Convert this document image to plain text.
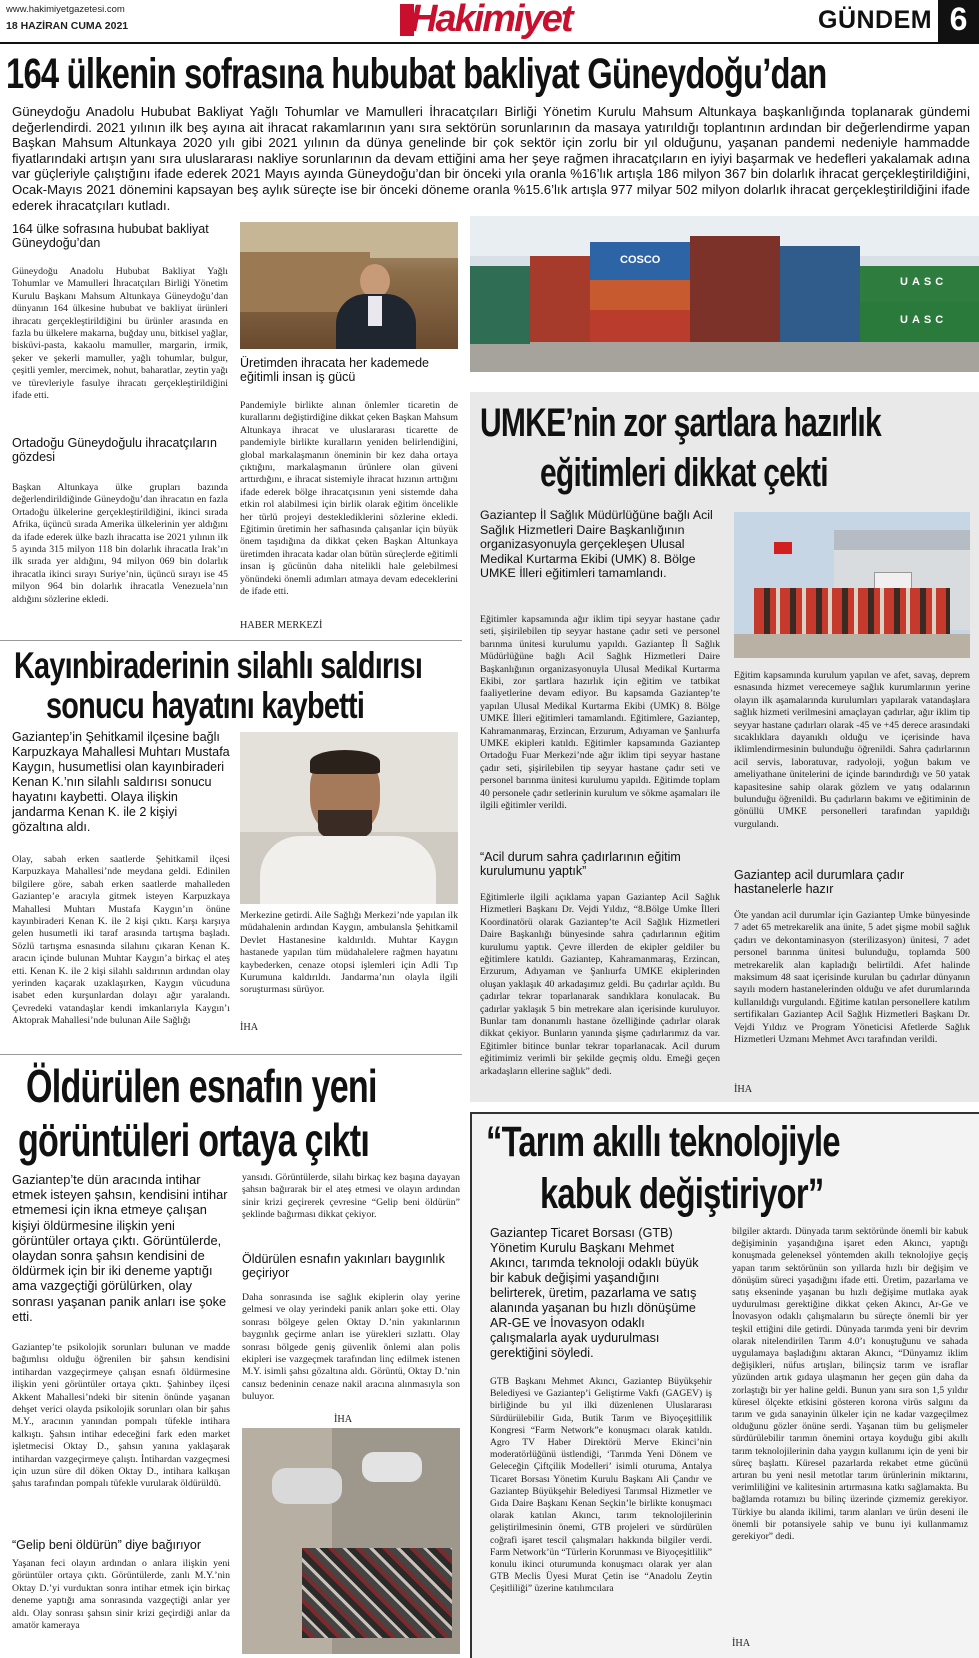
www.hakimiyetgazetesi.com
18 HAZİRAN CUMA 2021	Hakimiyet	GÜNDEM 6
164 ülkenin sofrasına hububat bakliyat Güneydoğu’dan
Güneydoğu Anadolu Hububat Bakliyat Yağlı Tohumlar ve Mamulleri İhracatçıları Birliği Yönetim Kurulu Mahsum Altunkaya başkanlığında toplanarak gündemi değerlendirdi. 2021 yılının ilk beş ayına ait ihracat rakamlarının yanı sıra sektörün sorunlarının da masaya yatırıldığı toplantının ardından bir değerlendirme yapan Başkan Mahsum Altunkaya 2020 yılı gibi 2021 yılının da dünya genelinde bir çok sektör için zorlu bir yıl olduğunu, yaşanan pandemi nedeniyle hammadde fiyatlarındaki artışın yanı sıra uluslararası nakliye sorunlarının da devam ettiğini ama her şeye rağmen ihracatçıların en iyiyi başarmak ve hedefleri yakalamak adına var güçleriyle çalıştığını ifade ederek 2021 Mayıs ayında Güneydoğu’dan bir önceki yıla oranla %16’lık artışla 186 milyon 367 bin dolarlık ihracat gerçekleştirildiğini, Ocak-Mayıs 2021 dönemini kapsayan beş aylık süreçte ise bir önceki döneme oranla %15.6’lık artışla 977 milyar 502 milyon dolarlık ihracat gerçekleştirildiğini ifade ederek ihracatçıları kutladı.
164 ülke sofrasına hububat bakliyat Güneydoğu’dan
Güneydoğu Anadolu Hububat Bakliyat Yağlı Tohumlar ve Mamulleri İhracatçıları Birliği Yönetim Kurulu Başkanı Mahsum Altunkaya Güneydoğu’dan dünyanın 164 ülkesine hububat ve bakliyat ürünleri ihracatı gerçekleştirildiğini bu ürünler arasında en fazla bu ülkelere makarna, buğday unu, bitkisel yağlar, bisküvi-pasta, kakaolu mamuller, margarin, irmik, şeker ve şekerli mamuller, yağlı tohumlar, bulgur, çeşitli yemler, mercimek, nohut, baharatlar, zeytin yağı ve türevleriyle fasulye ihracatı gerçekleştirildiğini ifade etti.
Ortadoğu Güneydoğulu ihracatçıların gözdesi
Başkan Altunkaya ülke grupları bazında değerlendirildiğinde Güneydoğu’dan ihracatın en fazla Ortadoğu ülkelerine gerçekleştirildiğini, ikinci sırada Afrika, üçüncü sırada Amerika ülkelerinin yer aldığını da ifade ederek ülke bazlı ihracatta ise 2021 yılının ilk 5 ayında 315 milyon 118 bin dolarlık ihracatla Irak’ın ilk sırada yer aldığını, 94 milyon 069 bin dolarlık ihracatla ikinci sırayı Suriye’nin, üçüncü sırayı ise 45 milyon 964 bin dolarlık ihracatla Venezuela’nın aldığını sözlerine ekledi.
Üretimden ihracata her kademede eğitimli insan iş gücü
Pandemiyle birlikte alınan önlemler ticaretin de kurallarını değiştirdiğine dikkat çeken Başkan Mahsum Altunkaya ihracat ve uluslararası ticarette de pandemiyle birlikte kuralların yeniden belirlendiğini, global markalaşmanın öneminin bir kez daha ortaya çıktığını, markalaşmanın ürünlere olan güveni arttırdığını, e ihracat sistemiyle ihracat hızının arttığını ifade ederek bölge ihracatçısının yeni sistemde daha etkin rol alabilmesi için birlik olarak eğitim öncelikle her türlü projeyi desteklediklerini sözlerine ekledi. Eğitimin üretimin her safhasında çalışanlar için büyük önem taşıdığına da dikkat çeken Başkan Altunkaya üretimden ihracata kadar olan bütün süreçlerde eğitimli insan iş gücünün daha nitelikli hale gelebilmesi yönündeki önemli adımları atmaya devam edeceklerini de ifade etti.
HABER MERKEZİ
COSCO
UASC
UASC
UMKE’nin zor şartlara hazırlık
eğitimleri dikkat çekti
Gaziantep İl Sağlık Müdürlüğüne bağlı Acil Sağlık Hizmetleri Daire Başkanlığının organizasyonuyla gerçekleşen Ulusal Medikal Kurtarma Ekibi (UMK) 8. Bölge UMKE İlleri eğitimleri tamamlandı.
Eğitimler kapsamında ağır iklim tipi seyyar hastane çadır seti, şişirilebilen tip seyyar hastane çadır seti ve personel barınma ünitesi kurulumu yapıldı. Gaziantep İl Sağlık Müdürlüğüne bağlı Acil Sağlık Hizmetleri Daire Başkanlığının organizasyonuyla Ulusal Medikal Kurtarma Ekibi, zor şartlara hazırlık için eğitim ve tatbikat faaliyetlerine devam ediyor. Bu kapsamda Gaziantep’te yapılan Ulusal Medikal Kurtarma Ekibi (UMK) 8. Bölge UMKE İlleri eğitimleri tamamlandı. Eğitimlere, Gaziantep, Kahramanmaraş, Erzincan, Erzurum, Adıyaman ve Şanlıurfa UMKE ekipleri katıldı. Eğitimler kapsamında Gaziantep Ortadoğu Fuar Merkezi’nde ağır iklim tipi seyyar hastane çadır seti, şişirilebilen tip seyyar hastane çadır seti ve personel barınma ünitesi kurulumu yapıldı. Eğitimde toplam 40 personele çadır setlerinin kurulum ve sökme aşamaları ile ilgili eğitimler verildi.
“Acil durum sahra çadırlarının eğitim kurulumunu yaptık”
Eğitimlerle ilgili açıklama yapan Gaziantep Acil Sağlık Hizmetleri Başkanı Dr. Vejdi Yıldız, “8.Bölge Umke İlleri Koordinatörü olarak Gaziantep’te Acil Sağlık Hizmetleri Daire Başkanlığı bünyesinde sahra çadırlarının eğitim kurulumu yaptık. Çevre illerden de ekipler geldiler bu eğitimlere katıldı. Gaziantep, Kahramanmaraş, Erzincan, Erzurum, Adıyaman ve Şanlıurfa UMKE ekiplerinden oluşan yaklaşık 40 arkadaşımız geldi. Bu çadırlar açıldı. Bu çadırlar tekrar toparlanarak sandıklara konulacak. Bu çadırlar yaklaşık 5 bin metrekare alan içerisinde kuruluyor. Bunlar tam donanımlı hastane özelliğinde çadırlar olarak dikkat çekiyor. Bunların yanında şişme çadırlarımız da var. Eğitimler bitince bunlar tekrar toparlanacak. Acil durum eğitimimiz verimli bir şekilde geçmiş oldu. Emeği geçen arkadaşların ellerine sağlık” dedi.
Eğitim kapsamında kurulum yapılan ve afet, savaş, deprem esnasında hizmet verecemeye sağlık kurumlarının yerine olayın ilk aşamalarında kurulumları yapılarak vatandaşlara sağlık hizmeti verilmesini amaçlayan çadırlar, ağır iklim tip seyyar hastane çadırları olarak -45 ve +45 derece arasındaki sıcaklıklara dayanıklı olduğu ve içerisinde hava iklimlendirmesinin bulunduğu öğrenildi. Sahra çadırlarının acil servis, laboratuvar, radyoloji, yoğun bakım ve ameliyathane ünitelerini de içinde barındırdığı ve 50 yatak kapasitesine sahip olarak gözlem ve yatış odalarının bulunduğu öğrenildi. Bu çadırların bakımı ve eğitiminin de gönüllü UMKE personelleri tarafından yapıldığı vurgulandı.
Gaziantep acil durumlara çadır hastanelerle hazır
Öte yandan acil durumlar için Gaziantep Umke bünyesinde 7 adet 65 metrekarelik ana ünite, 5 adet şişme mobil sağlık çadırı ve dekontaminasyon (sterilizasyon) ünitesi, 7 adet personel barınma ünitesi bulunduğu, toplamda 500 metrekarelik alan kapladığı belirtildi. Afet halinde maksimum 48 saat içerisinde kurulan bu çadırlar dünyanın sayılı modern hastanelerinden olduğu ve afet durumlarında kullanıldığı vurgulandı. Eğitime katılan personellere katılım sertifikaları Gaziantep Acil Sağlık Hizmetleri Başkanı Dr. Vejdi Yıldız ve Program Yöneticisi Afetlerde Sağlık Hizmetleri Uzmanı Mehmet Avcı tarafından verildi.
İHA
Kayınbiraderinin silahlı saldırısı
sonucu hayatını kaybetti
Gaziantep’in Şehitkamil ilçesine bağlı Karpuzkaya Mahallesi Muhtarı Mustafa Kaygın, husumetlisi olan kayınbiraderi Kenan K.’nın silahlı saldırısı sonucu hayatını kaybetti. Olaya ilişkin jandarma Kenan K. ile 2 kişiyi gözaltına aldı.
Olay, sabah erken saatlerde Şehitkamil ilçesi Karpuzkaya Mahallesi’nde meydana geldi. Edinilen bilgilere göre, sabah erken saatlerde mahalleden Gaziantep’e aracıyla gitmek isteyen Karpuzkaya Mahallesi Muhtarı Mustafa Kaygın’ın önüne kayınbiraderi Kenan K. ile 2 kişi çıktı. Karşı karşıya gelen husumetli iki taraf arasında tartışma başladı. Sözlü tartışma esnasında silahını çıkaran Kenan K. aracın içinde bulunan Muhtar Kaygın’a birkaç el ateş etti. Kenan K. ile 2 kişi silahlı saldırının ardından olay yerinden kaçarak uzaklaşırken, Kaygın vücuduna isabet eden kurşunlardan dolayı ağır yaralandı. Çevredeki vatandaşlar kendi imkanlarıyla Kaygın’ı Aktoprak Mahallesi’nde bulunan Aile Sağlığı
Merkezine getirdi. Aile Sağlığı Merkezi’nde yapılan ilk müdahalenin ardından Kaygın, ambulansla Şehitkamil Devlet Hastanesine kaldırıldı. Muhtar Kaygın hastanede yapılan tüm müdahalelere rağmen hayatını kaybederken, cenaze otopsi işlemleri için Adli Tıp Kurumuna kaldırıldı. Jandarma’nın olayla ilgili soruşturması sürüyor.
İHA
Öldürülen esnafın yeni
görüntüleri ortaya çıktı
Gaziantep’te dün aracında intihar etmek isteyen şahsın, kendisini intihar etmemesi için ikna etmeye çalışan kişiyi öldürmesine ilişkin yeni görüntüler ortaya çıktı. Görüntülerde, olaydan sonra şahsın kendisini de öldürmek için bir iki deneme yaptığı ama vazgeçtiği görülürken, olay sonrası yaşanan panik anları ise şoke etti.
Gaziantep’te psikolojik sorunları bulunan ve madde bağımlısı olduğu öğrenilen bir şahsın kendisini intihardan vazgeçirmeye çalışan esnafı öldürmesine ilişkin yeni görüntüler ortaya çıktı. Şahinbey ilçesi Akkent Mahallesi’ndeki bir sitenin önünde yaşanan dehşet verici olayda psikolojik sorunları olan bir şahıs M.Y., aracının yanından pompalı tüfekle intihara kalkıştı. Şahsın intihar edeceğini fark eden market işletmecisi Oktay D., şahsın yanına yaklaşarak intihardan vazgeçirmeye çalıştı. İntihardan vazgeçmesi için uzun süre dil döken Oktay D., intihara kalkışan şahıs tarafından pompalı tüfekle vurularak öldürüldü.
“Gelip beni öldürün” diye bağırıyor
Yaşanan feci olayın ardından o anlara ilişkin yeni görüntüler ortaya çıktı. Görüntülerde, zanlı M.Y.’nin Oktay D.’yi vurduktan sonra intihar etmek için birkaç deneme yaptığı ama sonrasında vazgeçtiği anlar yer aldı. Olay sonrası şahsın sinir krizi geçirdiği anlar da amatör kameraya
yansıdı. Görüntülerde, silahı birkaç kez başına dayayan şahsın bağırarak bir el ateş etmesi ve olayın ardından sinir krizi geçirerek çevresine “Gelip beni öldürün” şeklinde bağırması dikkat çekiyor.
Öldürülen esnafın yakınları baygınlık geçiriyor
Daha sonrasında ise sağlık ekiplerin olay yerine gelmesi ve olay yerindeki panik anları şoke etti. Olay sonrası bölgeye gelen Oktay D.’nin yakınlarının baygınlık geçirme anları ise yürekleri sızlattı. Olay sonrası bölgede geniş güvenlik önlemi alan polis ekipleri ise vazgeçmek tarafından linç edilmek istenen M.Y. isimli şahsı gözaltına aldı. Görüntü, Oktay D.’nin cansız bedeninin cenaze nakil aracına alınmasıyla son buluyor.
İHA
“Tarım akıllı teknolojiyle
kabuk değiştiriyor”
Gaziantep Ticaret Borsası (GTB) Yönetim Kurulu Başkanı Mehmet Akıncı, tarımda teknoloji odaklı büyük bir kabuk değişimi yaşandığını belirterek, üretim, pazarlama ve satış alanında yaşanan bu hızlı dönüşüme AR-GE ve İnovasyon odaklı çalışmalarla ayak uydurulması gerektiğini söyledi.
GTB Başkanı Mehmet Akıncı, Gaziantep Büyükşehir Belediyesi ve Gaziantep’i Geliştirme Vakfı (GAGEV) iş birliğinde bu yıl ilki düzenlenen Uluslararası Sürdürülebilir Gıda, Butik Tarım ve Biyoçeşitlilik Kongresi “Farm Network”e konuşmacı olarak katıldı. Agro TV Haber Direktörü Merve Ekinci’nin moderatörlüğünü üstlendiği, ‘Tarımda Yeni Dönem ve Geleceğin Çiftçilik Modelleri’ isimli oturuma, Antalya Ticaret Borsası Yönetim Kurulu Başkanı Ali Çandır ve Gaziantep Büyükşehir Belediyesi Tarımsal Hizmetler ve Gıda Daire Başkanı Kenan Seçkin’le birlikte konuşmacı olarak katılan Akıncı, tarım teknolojilerinin geliştirilmesinin önemi, GTB projeleri ve sürdürülen coğrafi işaret tescil çalışmaları hakkında bilgiler verdi. Farm Network’ün “Türlerin Korunması ve Biyoçeşitlilik” konulu ikinci oturumunda konuşmacı olarak yer alan GTB Meclis Üyesi Murat Çetin ise “Anadolu Zeytin Çeşitliliği” üzerine katılımcılara
bilgiler aktardı. Dünyada tarım sektöründe önemli bir kabuk değişiminin yaşandığına işaret eden Akıncı, yaptığı konuşmada geleneksel yöntemden akıllı teknolojiye geçiş yapan tarım sektörünün son yıllarda hızlı bir değişim ve dönüşüm süreci yaşadığını ifade etti. Üretim, pazarlama ve satış ekseninde yaşanan bu hızlı değişime mutlaka ayak uydurulması gerektiğine dikkat çeken Akıncı, Ar-Ge ve İnovasyon odaklı çalışmaların bu süreçte önemli bir yer teşkil ettiğini dile getirdi. Dünyada tarımda yeni bir devrim olarak nitelendirilen Tarım 4.0’ı konuştuğunu ve sahada uygulamaya başladığını aktaran Akıncı, “Dünyamız iklim değişikleri, nüfus artışları, bilinçsiz tarım ve israflar yüzünden artık gıdaya ulaşmanın her geçen gün daha da zorlaştığı bir yer haline geldi. Bunun yanı sıra son 1,5 yıldır küresel ölçekte etkisini gösteren korona virüs salgını da tarım ve gıda sanayinin ülkeler için ne kadar vazgeçilmez olduğunu gözler önüne serdi. Yaşanan tüm bu gelişmeler sürdürülebilir tarımın önemini ortaya koyduğu gibi akıllı tarım teknolojilerinin daha yaygın kullanımı için de yeni bir süreç başlattı. Küresel pazarlarda rekabet etme gücünü artıran bu yeni nesil metotlar tarım ürünlerinin miktarını, verimliliğini ve kalitesinin artırmasına katkı sağlamakta. Bu bağlamda rotamızı bu bilinç üzerinde çizmemiz gerekiyor. Türkiye bu alanda ikilimi, tarım alanları ve ürün deseni ile önemli bir potansiyele sahip ve bunu iyi kullanmamız gerekiyor” dedi.
İHA
